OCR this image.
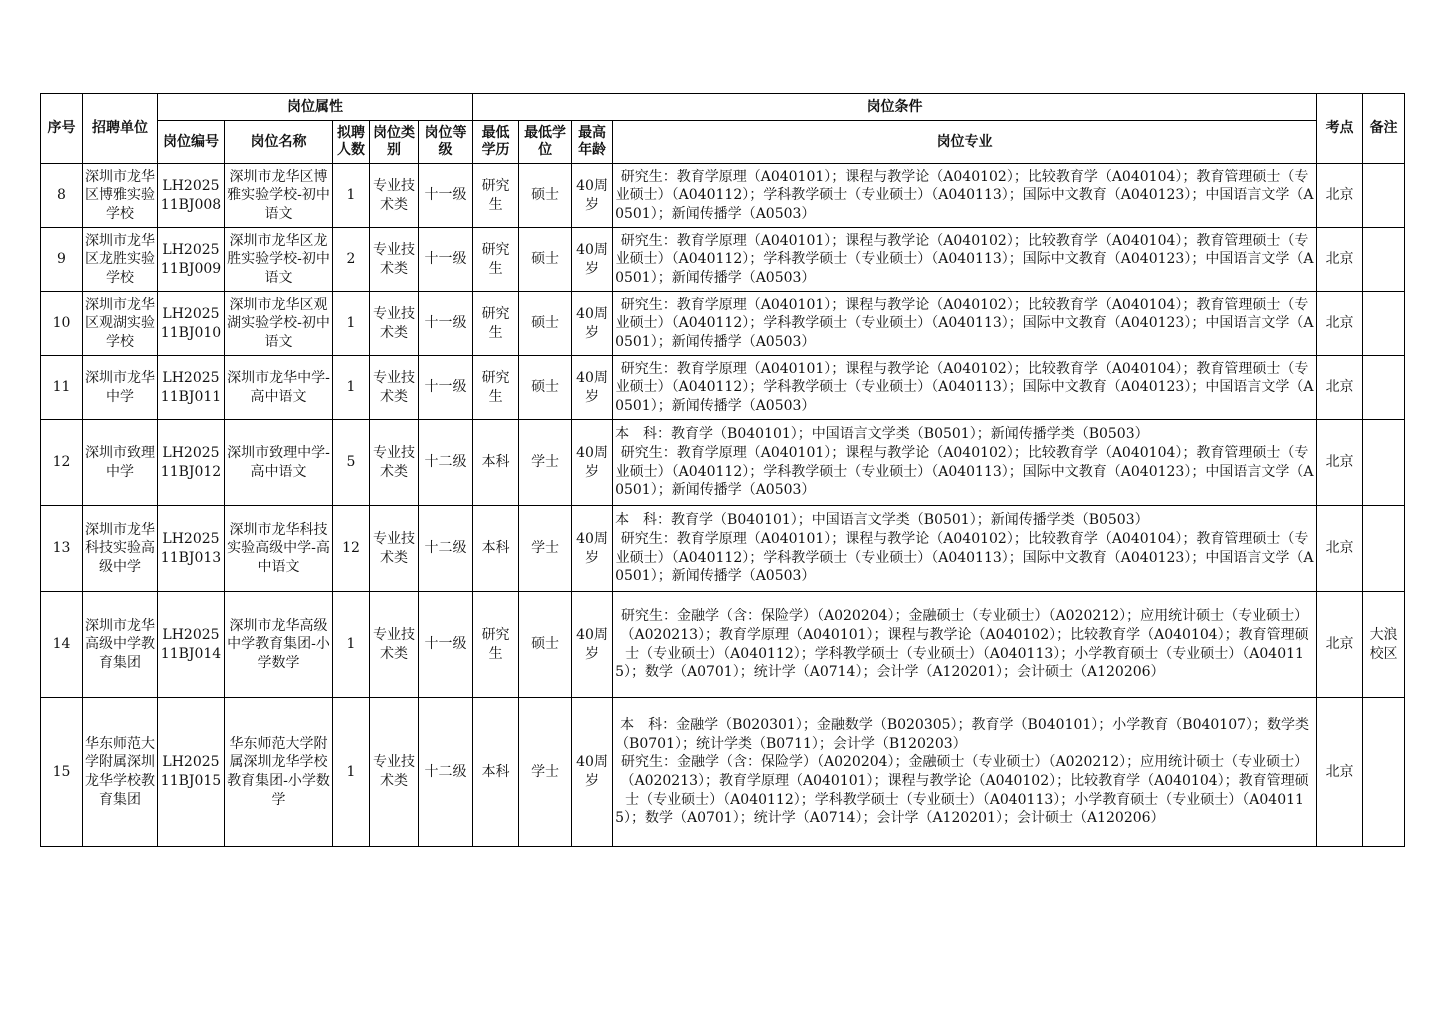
序号	招聘单位	岗位属性					岗位条件				考点	备注
		岗位编号	岗位名称	拟聘人数	岗位类别	岗位等级	最低学历	最低学位	最高年龄	岗位专业		
8	深圳市龙华区博雅实验学校	LH202511BJ008	深圳市龙华区博雅实验学校-初中语文	1	专业技术类	十一级	研究生	硕士	40周岁	研究生：教育学原理（A040101）；课程与教学论（A040102）；比较教育学（A040104）；教育管理硕士（专业硕士）（A040112）；学科教学硕士（专业硕士）（A040113）；国际中文教育（A040123）；中国语言文学（A0501）；新闻传播学（A0503）	北京	
9	深圳市龙华区龙胜实验学校	LH202511BJ009	深圳市龙华区龙胜实验学校-初中语文	2	专业技术类	十一级	研究生	硕士	40周岁	研究生：教育学原理（A040101）；课程与教学论（A040102）；比较教育学（A040104）；教育管理硕士（专业硕士）（A040112）；学科教学硕士（专业硕士）（A040113）；国际中文教育（A040123）；中国语言文学（A0501）；新闻传播学（A0503）	北京	
10	深圳市龙华区观湖实验学校	LH202511BJ010	深圳市龙华区观湖实验学校-初中语文	1	专业技术类	十一级	研究生	硕士	40周岁	研究生：教育学原理（A040101）；课程与教学论（A040102）；比较教育学（A040104）；教育管理硕士（专业硕士）（A040112）；学科教学硕士（专业硕士）（A040113）；国际中文教育（A040123）；中国语言文学（A0501）；新闻传播学（A0503）	北京	
11	深圳市龙华中学	LH202511BJ011	深圳市龙华中学-高中语文	1	专业技术类	十一级	研究生	硕士	40周岁	研究生：教育学原理（A040101）；课程与教学论（A040102）；比较教育学（A040104）；教育管理硕士（专业硕士）（A040112）；学科教学硕士（专业硕士）（A040113）；国际中文教育（A040123）；中国语言文学（A0501）；新闻传播学（A0503）	北京	
12	深圳市致理中学	LH202511BJ012	深圳市致理中学-高中语文	5	专业技术类	十二级	本科	学士	40周岁	本　科：教育学（B040101）；中国语言文学类（B0501）；新闻传播学类（B0503）
研究生：教育学原理（A040101）；课程与教学论（A040102）；比较教育学（A040104）；教育管理硕士（专业硕士）（A040112）；学科教学硕士（专业硕士）（A040113）；国际中文教育（A040123）；中国语言文学（A0501）；新闻传播学（A0503）	北京	
13	深圳市龙华科技实验高级中学	LH202511BJ013	深圳市龙华科技实验高级中学-高中语文	12	专业技术类	十二级	本科	学士	40周岁	本　科：教育学（B040101）；中国语言文学类（B0501）；新闻传播学类（B0503）
研究生：教育学原理（A040101）；课程与教学论（A040102）；比较教育学（A040104）；教育管理硕士（专业硕士）（A040112）；学科教学硕士（专业硕士）（A040113）；国际中文教育（A040123）；中国语言文学（A0501）；新闻传播学（A0503）	北京	
14	深圳市龙华高级中学教育集团	LH202511BJ014	深圳市龙华高级中学教育集团-小学数学	1	专业技术类	十一级	研究生	硕士	40周岁	研究生：金融学（含：保险学）（A020204）；金融硕士（专业硕士）（A020212）；应用统计硕士（专业硕士）（A020213）；教育学原理（A040101）；课程与教学论（A040102）；比较教育学（A040104）；教育管理硕士（专业硕士）（A040112）；学科教学硕士（专业硕士）（A040113）；小学教育硕士（专业硕士）（A040115）；数学（A0701）；统计学（A0714）；会计学（A120201）；会计硕士（A120206）	北京	大浪校区
15	华东师范大学附属深圳龙华学校教育集团	LH202511BJ015	华东师范大学附属深圳龙华学校教育集团-小学数学	1	专业技术类	十二级	本科	学士	40周岁	本　科：金融学（B020301）；金融数学（B020305）；教育学（B040101）；小学教育（B040107）；数学类（B0701）；统计学类（B0711）；会计学（B120203）
研究生：金融学（含：保险学）（A020204）；金融硕士（专业硕士）（A020212）；应用统计硕士（专业硕士）（A020213）；教育学原理（A040101）；课程与教学论（A040102）；比较教育学（A040104）；教育管理硕士（专业硕士）（A040112）；学科教学硕士（专业硕士）（A040113）；小学教育硕士（专业硕士）（A040115）；数学（A0701）；统计学（A0714）；会计学（A120201）；会计硕士（A120206）	北京	
